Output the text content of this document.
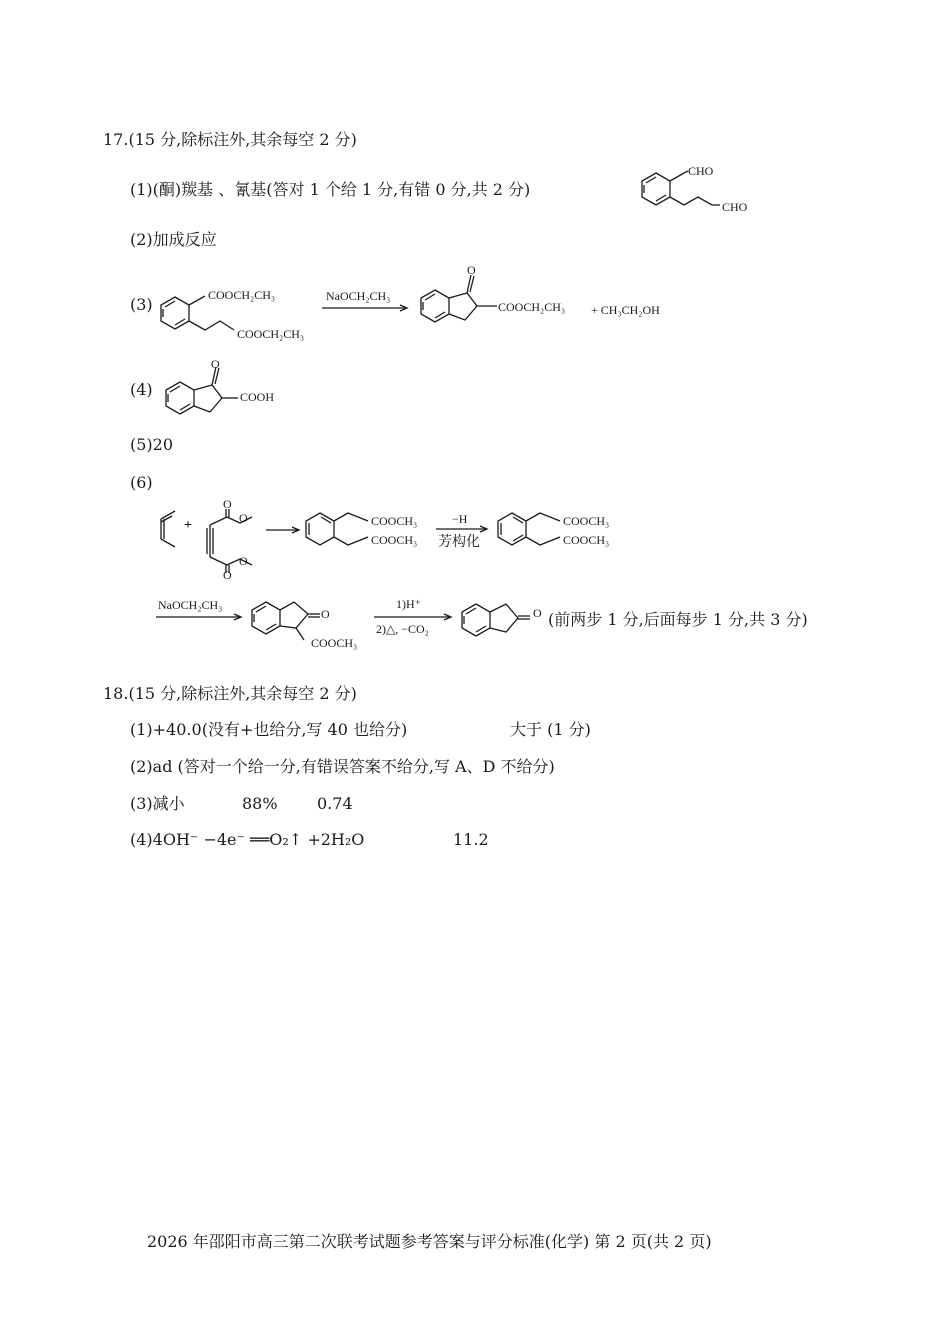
17.(15 分,除标注外,其余每空 2 分)
(1)(酮)羰基 、氰基(答对 1 个给 1 分,有错 0 分,共 2 分)
CHO
CHO
(2)加成反应
(3)	COOCH₂CH₃
COOCH₂CH₃
NaOCH₂CH₃
O
COOCH₂CH₃ + CH₃CH₂OH
(4)
O
COOH
(5)20
(6)
+
O
O
O
O
COOCH₃
COOCH₃
−H
芳构化
COOCH₃
COOCH₃
NaOCH₂CH₃
O
COOCH₃
1)H⁺
2)△, −CO₂
O (前两步 1 分,后面每步 1 分,共 3 分)
18.(15 分,除标注外,其余每空 2 分)
(1)+40.0(没有+也给分,写 40 也给分)	大于 (1 分)
(2)ad (答对一个给一分,有错误答案不给分,写 A、D 不给分)
(3)减小	88% 0.74
(4)4OH⁻ −4e⁻ ══O₂↑ +2H₂O	11.2
2026 年邵阳市高三第二次联考试题参考答案与评分标准(化学) 第 2 页(共 2 页)
